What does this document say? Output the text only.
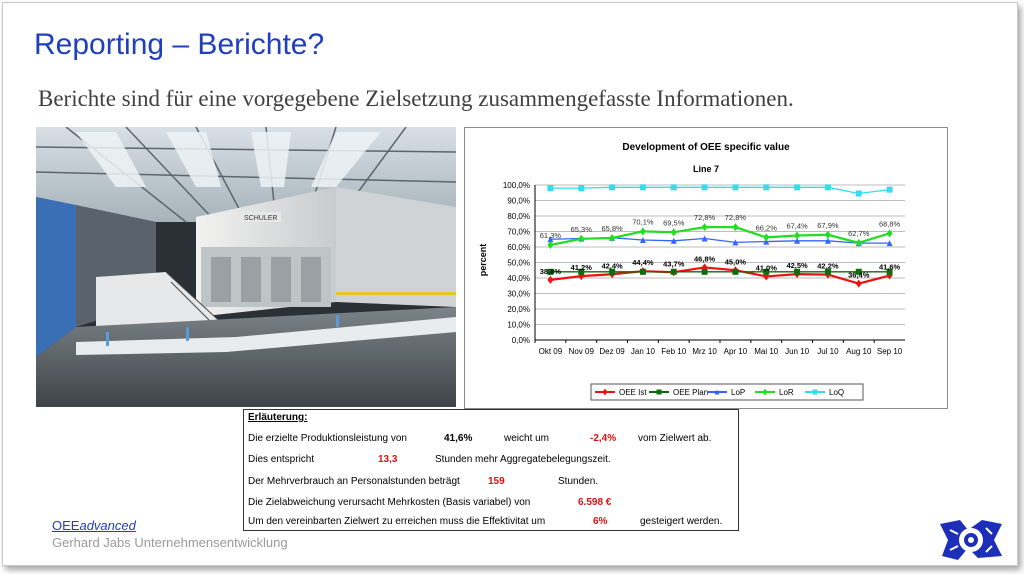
Reporting – Berichte?

Berichte sind für eine vorgegebene Zielsetzung zusammengefasste Informationen.

SCHULER
Development of OEE specific value
Line 7
percent
0,0%
10,0%
20,0%
30,0%
40,0%
50,0%
60,0%
70,0%
80,0%
90,0%
100,0%
Okt 09 Nov 09 Dez 09 Jan 10 Feb 10 Mrz 10 Apr 10 Mai 10 Jun 10 Jul 10 Aug 10 Sep 10
38,8% 41,2% 42,4% 44,4% 43,7%
46,8% 45,0%
41,0% 42,5% 42,2%
36,4%
41,6%
61,3%
65,3% 65,8%
70,1% 69,5%
72,8% 72,8%
66,2% 67,4% 67,9%
62,7%
68,8%
OEE Ist	OEE Plan	LoP	LoR	LoQ
Erläuterung:
Die erzielte Produktionsleistung von	41,6%	weicht um	-2,4% vom Zielwert ab.
Dies entspricht	13,3	Stunden mehr Aggregatebelegungszeit.
Der Mehrverbrauch an Personalstunden beträgt	159	Stunden.
Die Zielabweichung verursacht Mehrkosten (Basis variabel) von	6.598 €
Um den vereinbarten Zielwert zu erreichen muss die Effektivitat um	6%	gesteigert werden.
OEEadvanced
Gerhard Jabs Unternehmensentwicklung
